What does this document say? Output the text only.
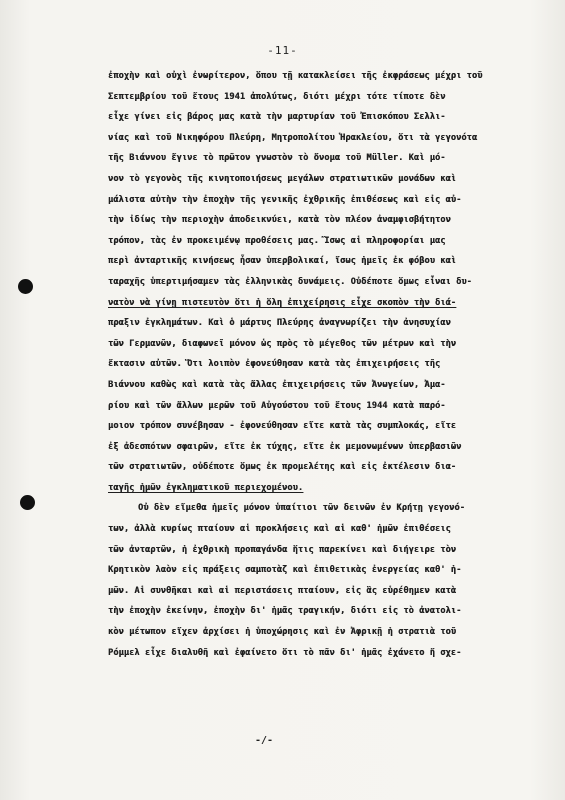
-11-
ἐποχὴν καὶ οὐχὶ ἐνωρίτερον, ὅπου τῇ κατακλείσει τῆς ἐκφράσεως μέχρι τοῦ
Σεπτεμβρίου τοῦ ἔτους 1941 ἀπολύτως, διότι μέχρι τότε τίποτε δὲν
εἶχε γίνει εἰς βάρος μας κατὰ τὴν μαρτυρίαν τοῦ Ἐπισκόπου Σελλι-
νίας καὶ τοῦ Νικηφόρου Πλεύρη, Μητροπολίτου Ἡρακλείου, ὅτι τὰ γεγονότα
τῆς Βιάννου ἔγινε τὸ πρῶτον γνωστὸν τὸ ὄνομα τοῦ Müller. Καὶ μό-
νον τὸ γεγονὸς τῆς κινητοποιήσεως μεγάλων στρατιωτικῶν μονάδων καὶ
μάλιστα αὐτὴν τὴν ἐποχὴν τῆς γενικῆς ἐχθρικῆς ἐπιθέσεως καὶ εἰς αὐ-
τὴν ἰδίως τὴν περιοχὴν ἀποδεικνύει, κατὰ τὸν πλέον ἀναμφισβήτητον
τρόπον, τὰς ἐν προκειμένῳ προθέσεις μας. Ἴσως αἱ πληροφορίαι μας
περὶ ἀνταρτικῆς κινήσεως ἦσαν ὑπερβολικαί, ἴσως ἡμεῖς ἐκ φόβου καὶ
ταραχῆς ὑπερτιμήσαμεν τὰς ἐλληνικὰς δυνάμεις. Οὐδέποτε ὅμως εἶναι δυ-
νατὸν νὰ γίνῃ πιστευτὸν ὅτι ἡ ὅλη ἐπιχείρησις εἶχε σκοπὸν τὴν διά-
πραξιν ἐγκλημάτων. Καὶ ὁ μάρτυς Πλεύρης ἀναγνωρίζει τὴν ἀνησυχίαν
τῶν Γερμανῶν, διαφωνεῖ μόνον ὡς πρὸς τὸ μέγεθος τῶν μέτρων καὶ τὴν
ἔκτασιν αὐτῶν. Ὅτι λοιπὸν ἐφονεύθησαν κατὰ τὰς ἐπιχειρήσεις τῆς
Βιάννου καθὼς καὶ κατὰ τὰς ἄλλας ἐπιχειρήσεις τῶν Ἀνωγείων, Ἀμα-
ρίου καὶ τῶν ἄλλων μερῶν τοῦ Αὐγούστου τοῦ ἔτους 1944 κατὰ παρό-
μοιον τρόπον συνέβησαν - ἐφονεύθησαν εἴτε κατὰ τὰς συμπλοκάς, εἴτε
ἐξ ἀδεσπότων σφαιρῶν, εἴτε ἐκ τύχης, εἴτε ἐκ μεμονωμένων ὑπερβασιῶν
τῶν στρατιωτῶν, οὐδέποτε ὅμως ἐκ προμελέτης καὶ εἰς ἐκτέλεσιν δια-
ταγῆς ἡμῶν ἐγκληματικοῦ περιεχομένου.
Οὐ δὲν εἴμεθα ἡμεῖς μόνον ὑπαίτιοι τῶν δεινῶν ἐν Κρήτῃ γεγονό-
των, ἀλλὰ κυρίως πταίουν αἱ προκλήσεις καὶ αἱ καθ' ἡμῶν ἐπιθέσεις
τῶν ἀνταρτῶν, ἡ ἐχθρικὴ προπαγάνδα ἥτις παρεκίνει καὶ διήγειρε τὸν
Κρητικὸν λαὸν εἰς πράξεις σαμποτὰζ καὶ ἐπιθετικὰς ἐνεργείας καθ' ἡ-
μῶν. Αἱ συνθῆκαι καὶ αἱ περιστάσεις πταίουν, εἰς ἃς εὑρέθημεν κατὰ
τὴν ἐποχὴν ἐκείνην, ἐποχὴν δι' ἡμᾶς τραγικήν, διότι εἰς τὸ ἀνατολι-
κὸν μέτωπον εἴχεν ἀρχίσει ἡ ὑποχώρησις καὶ ἐν Ἀφρικῇ ἡ στρατιὰ τοῦ
Ρόμμελ εἶχε διαλυθῆ καὶ ἐφαίνετο ὅτι τὸ πᾶν δι' ἡμᾶς ἐχάνετο ἤ σχε-
-/-
